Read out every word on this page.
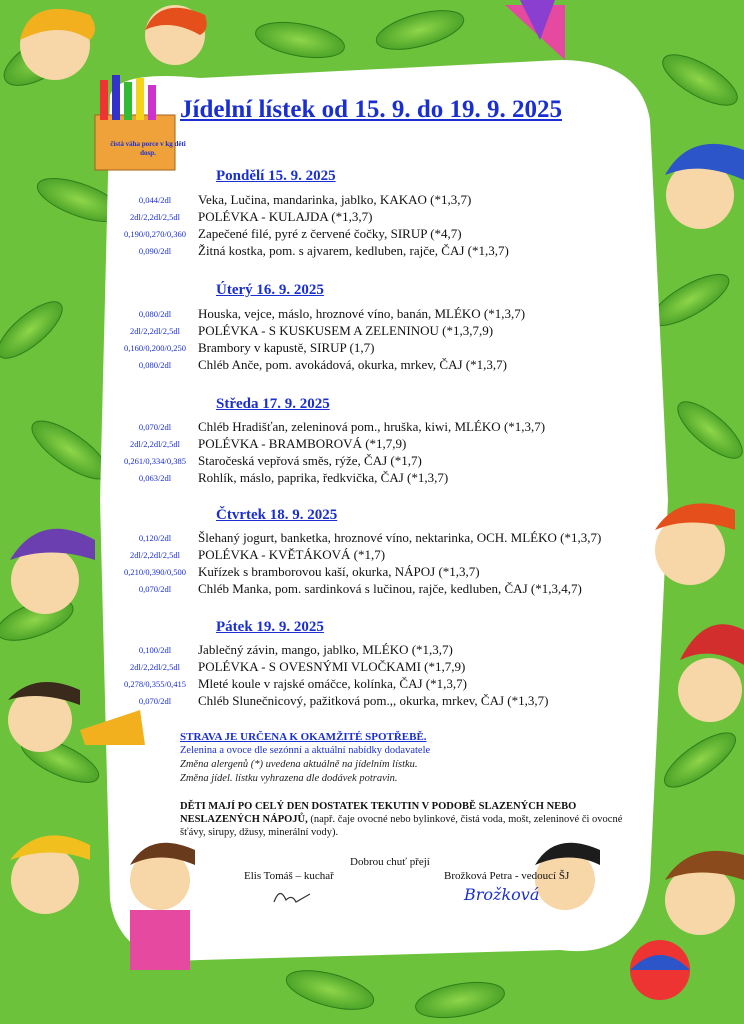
Jídelní lístek od 15. 9. do 19. 9. 2025
čistá váha porce v kg děti dosp.
Pondělí 15. 9. 2025
0,044/2dl	Veka, Lučina, mandarinka, jablko, KAKAO (*1,3,7)
2dl/2,2dl/2,5dl	POLÉVKA - KULAJDA (*1,3,7)
0,190/0,270/0,360 Zapečené filé, pyré z červené čočky, SIRUP (*4,7)
0,090/2dl	Žitná kostka, pom. s ajvarem, kedluben, rajče, ČAJ (*1,3,7)
Úterý 16. 9. 2025
0,080/2dl	Houska, vejce, máslo, hroznové víno, banán, MLÉKO (*1,3,7)
2dl/2,2dl/2,5dl	POLÉVKA - S KUSKUSEM A ZELENINOU (*1,3,7,9)
0,160/0,200/0,250 Brambory v kapustě, SIRUP (1,7)
0,080/2dl	Chléb Anče, pom. avokádová, okurka, mrkev, ČAJ (*1,3,7)
Středa 17. 9. 2025
0,070/2dl	Chléb Hradišťan, zeleninová pom., hruška, kiwi, MLÉKO (*1,3,7)
2dl/2,2dl/2,5dl	POLÉVKA - BRAMBOROVÁ (*1,7,9)
0,261/0,334/0,385 Staročeská vepřová směs, rýže, ČAJ (*1,7)
0,063/2dl	Rohlík, máslo, paprika, ředkvička, ČAJ (*1,3,7)
Čtvrtek 18. 9. 2025
0,120/2dl	Šlehaný jogurt, banketka, hroznové víno, nektarinka, OCH. MLÉKO (*1,3,7)
2dl/2,2dl/2,5dl	POLÉVKA - KVĚTÁKOVÁ (*1,7)
0,210/0,390/0,500 Kuřízek s bramborovou kaší, okurka, NÁPOJ (*1,3,7)
0,070/2dl	Chléb Manka, pom. sardinková s lučinou, rajče, kedluben, ČAJ (*1,3,4,7)
Pátek 19. 9. 2025
0,100/2dl	Jablečný závin, mango, jablko, MLÉKO (*1,3,7)
2dl/2,2dl/2,5dl	POLÉVKA - S OVESNÝMI VLOČKAMI (*1,7,9)
0,278/0,355/0,415 Mleté koule v rajské omáčce, kolínka, ČAJ (*1,3,7)
0,070/2dl	Chléb Slunečnicový, pažitková pom.,, okurka, mrkev, ČAJ (*1,3,7)
STRAVA JE URČENA K OKAMŽITÉ SPOTŘEBĚ.
Zelenina a ovoce dle sezónní a aktuální nabídky dodavatele
Změna alergenů (*) uvedena aktuálně na jídelním lístku.
Změna jídel. lístku vyhrazena dle dodávek potravin.
DĚTI MAJÍ PO CELÝ DEN DOSTATEK TEKUTIN V PODOBĚ SLAZENÝCH NEBO NESLAZENÝCH NÁPOJŮ, (např. čaje ovocné nebo bylinkové, čistá voda, mošt, zeleninové či ovocné šťávy, sirupy, džusy, minerální vody).
Dobrou chuť přejí
Elis Tomáš – kuchař	Brožková Petra - vedoucí ŠJ
Brožková
